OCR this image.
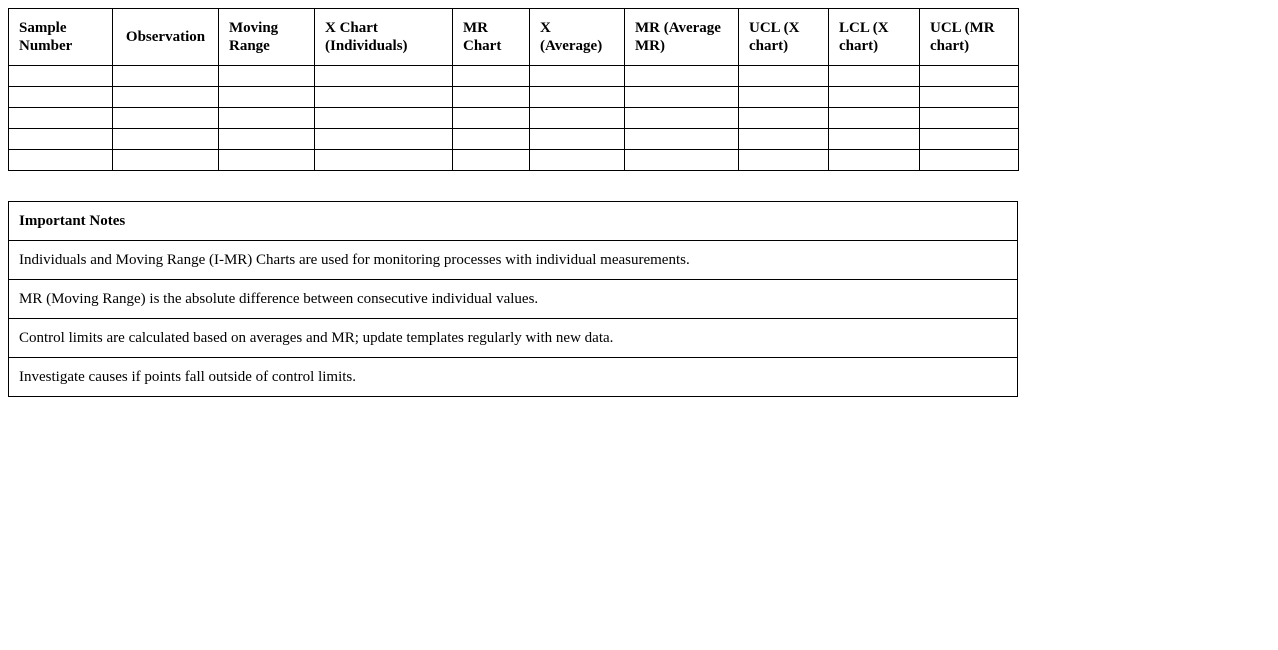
Sample Number	Observation	Moving Range	X Chart (Individuals)	MR Chart	X (Average)	MR (Average MR)	UCL (X chart)	LCL (X chart)	UCL (MR chart)

Important Notes
Individuals and Moving Range (I-MR) Charts are used for monitoring processes with individual measurements.
MR (Moving Range) is the absolute difference between consecutive individual values.
Control limits are calculated based on averages and MR; update templates regularly with new data.
Investigate causes if points fall outside of control limits.
